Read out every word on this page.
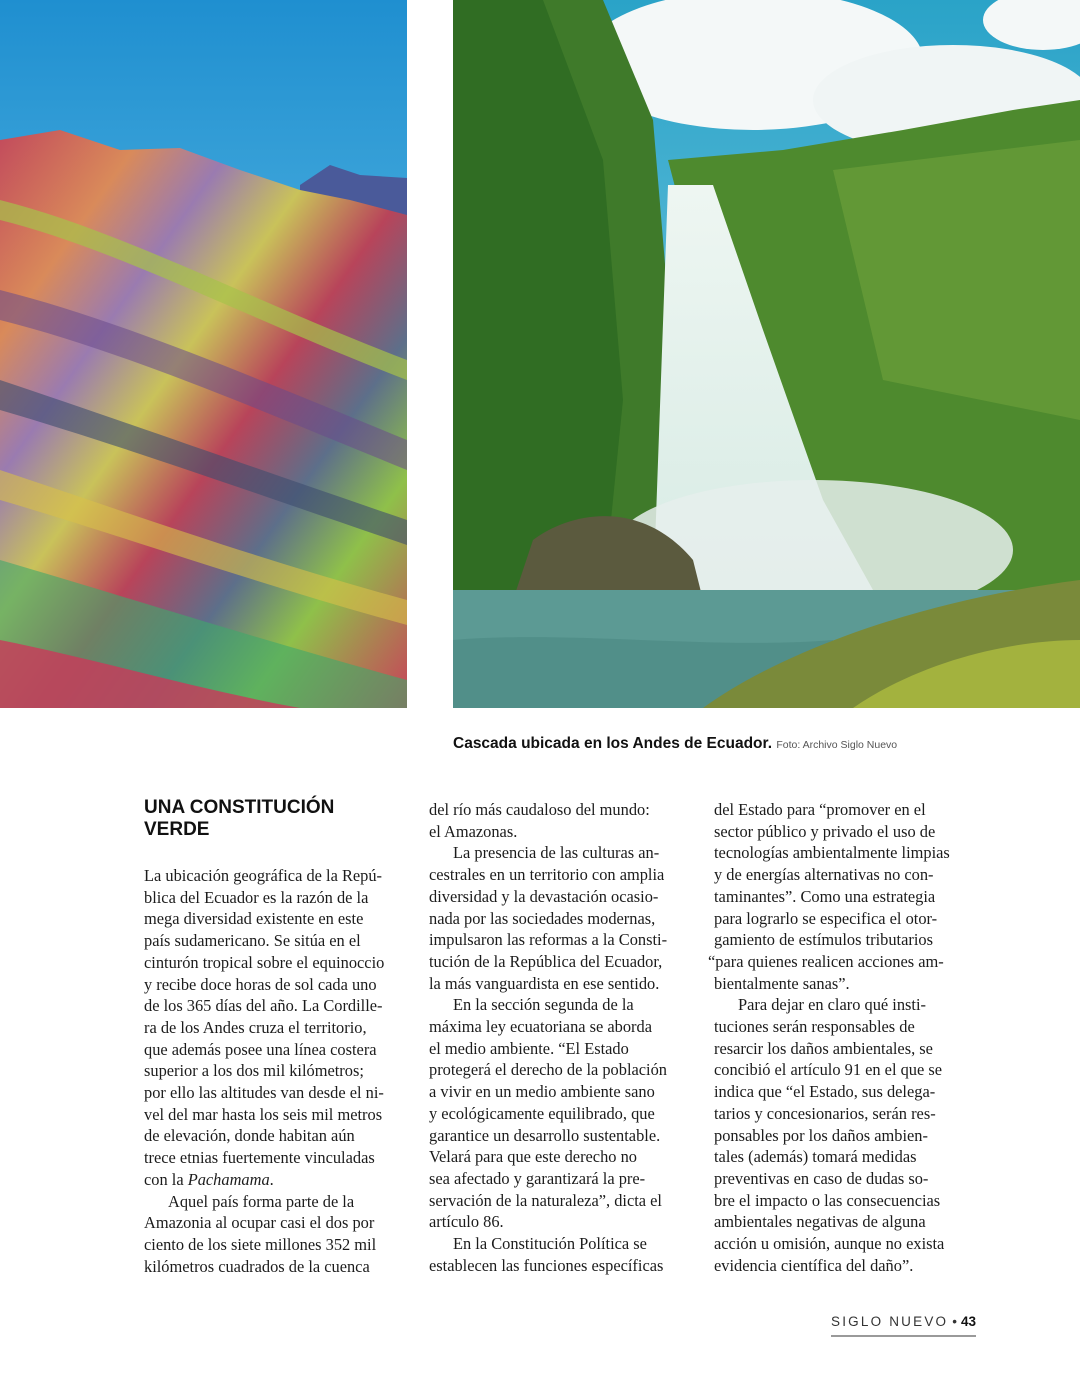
Cascada ubicada en los Andes de Ecuador. Foto: Archivo Siglo Nuevo
UNA CONSTITUCIÓN
VERDE
La ubicación geográfica de la Repú-
blica del Ecuador es la razón de la
mega diversidad existente en este
país sudamericano. Se sitúa en el
cinturón tropical sobre el equinoccio
y recibe doce horas de sol cada uno
de los 365 días del año. La Cordille-
ra de los Andes cruza el territorio,
que además posee una línea costera
superior a los dos mil kilómetros;
por ello las altitudes van desde el ni-
vel del mar hasta los seis mil metros
de elevación, donde habitan aún
trece etnias fuertemente vinculadas
con la Pachamama.
Aquel país forma parte de la
Amazonia al ocupar casi el dos por
ciento de los siete millones 352 mil
kilómetros cuadrados de la cuenca
del río más caudaloso del mundo:
el Amazonas.
La presencia de las culturas an-
cestrales en un territorio con amplia
diversidad y la devastación ocasio-
nada por las sociedades modernas,
impulsaron las reformas a la Consti-
tución de la República del Ecuador,
la más vanguardista en ese sentido.
En la sección segunda de la
máxima ley ecuatoriana se aborda
el medio ambiente. “El Estado
protegerá el derecho de la población
a vivir en un medio ambiente sano
y ecológicamente equilibrado, que
garantice un desarrollo sustentable.
Velará para que este derecho no
sea afectado y garantizará la pre-
servación de la naturaleza”, dicta el
artículo 86.
En la Constitución Política se
establecen las funciones específicas
del Estado para “promover en el
sector público y privado el uso de
tecnologías ambientalmente limpias
y de energías alternativas no con-
taminantes”. Como una estrategia
para lograrlo se especifica el otor-
gamiento de estímulos tributarios
“para quienes realicen acciones am-
bientalmente sanas”.
Para dejar en claro qué insti-
tuciones serán responsables de
resarcir los daños ambientales, se
concibió el artículo 91 en el que se
indica que “el Estado, sus delega-
tarios y concesionarios, serán res-
ponsables por los daños ambien-
tales (además) tomará medidas
preventivas en caso de dudas so-
bre el impacto o las consecuencias
ambientales negativas de alguna
acción u omisión, aunque no exista
evidencia científica del daño”.
SIGLO NUEVO • 43
